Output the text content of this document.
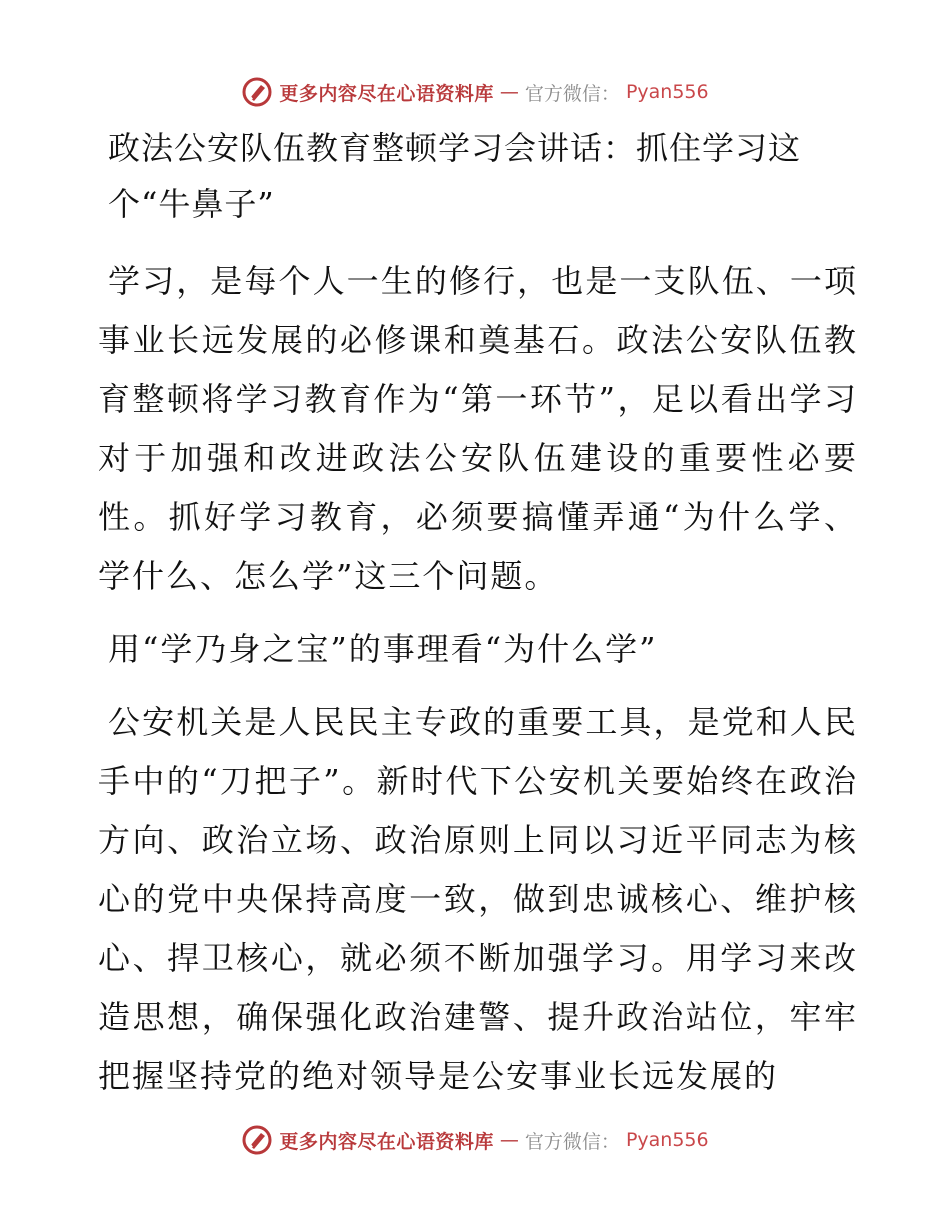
更多内容尽在心语资料库 — 官方微信： Pyan556
政法公安队伍教育整顿学习会讲话：抓住学习这个“牛鼻子”

学习，是每个人一生的修行，也是一支队伍、一项事业长远发展的必修课和奠基石。政法公安队伍教育整顿将学习教育作为“第一环节”，足以看出学习对于加强和改进政法公安队伍建设的重要性必要性。抓好学习教育，必须要搞懂弄通“为什么学、学什么、怎么学”这三个问题。

用“学乃身之宝”的事理看“为什么学”

公安机关是人民民主专政的重要工具，是党和人民手中的“刀把子”。新时代下公安机关要始终在政治方向、政治立场、政治原则上同以习近平同志为核心的党中央保持高度一致，做到忠诚核心、维护核心、捍卫核心，就必须不断加强学习。用学习来改造思想，确保强化政治建警、提升政治站位，牢牢把握坚持党的绝对领导是公安事业长远发展的

更多内容尽在心语资料库 — 官方微信： Pyan556
